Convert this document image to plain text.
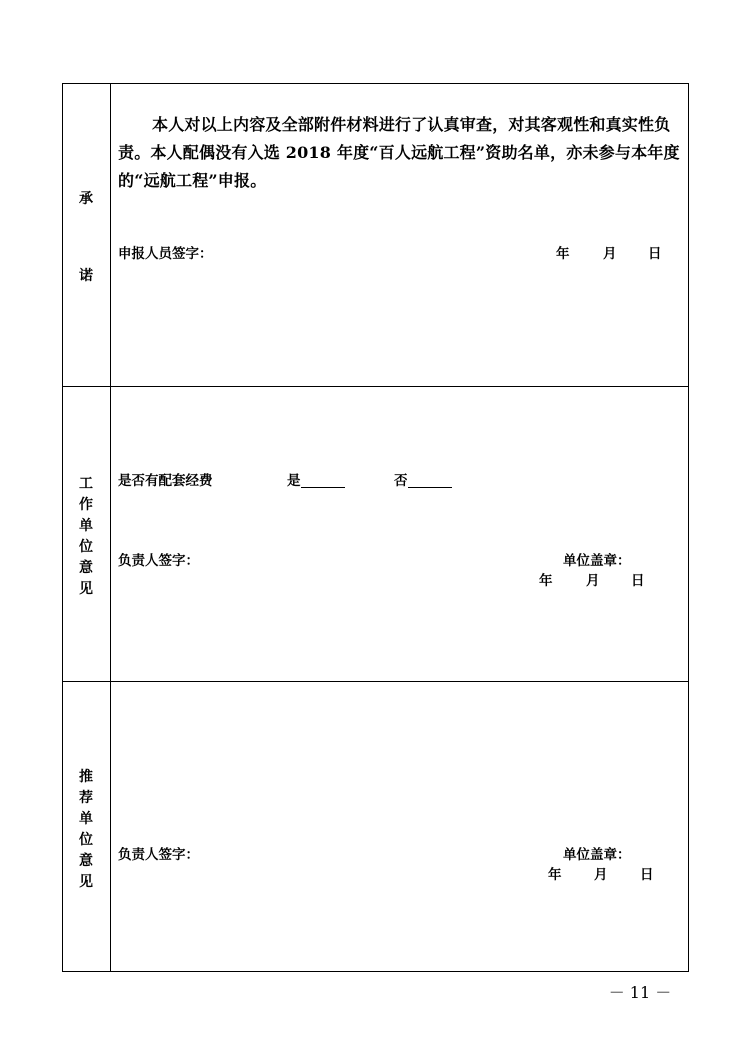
承
诺
本人对以上内容及全部附件材料进行了认真审查，对其客观性和真实性负责。本人配偶没有入选 2018 年度“百人远航工程”资助名单，亦未参与本年度的“远航工程”申报。
申报人员签字：	年 月 日
工
作
单
位
意
见
是否有配套经费	是	否
负责人签字：	单位盖章：
年 月 日
推
荐
单
位
意
见
负责人签字：	单位盖章：
年 月 日
－ 11 －
